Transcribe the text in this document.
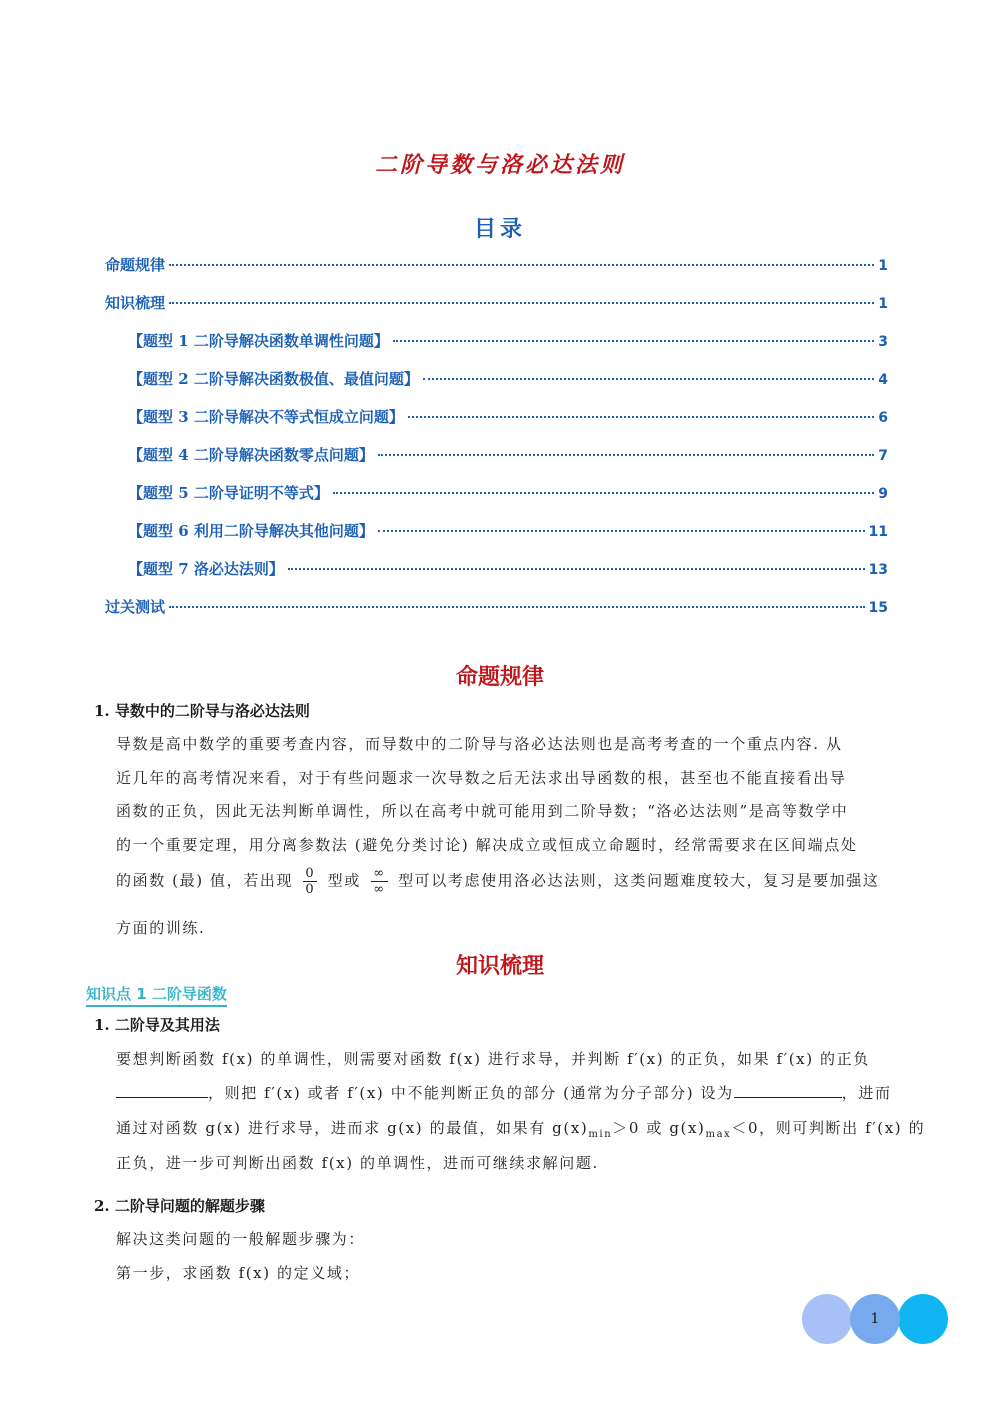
二阶导数与洛必达法则
目录
命题规律	1
知识梳理	1
【题型 1 二阶导解决函数单调性问题】	3
【题型 2 二阶导解决函数极值、最值问题】	4
【题型 3 二阶导解决不等式恒成立问题】	6
【题型 4 二阶导解决函数零点问题】	7
【题型 5 二阶导证明不等式】	9
【题型 6 利用二阶导解决其他问题】	11
【题型 7 洛必达法则】	13
过关测试	15
命题规律
1. 导数中的二阶导与洛必达法则
导数是高中数学的重要考查内容，而导数中的二阶导与洛必达法则也是高考考查的一个重点内容. 从
近几年的高考情况来看，对于有些问题求一次导数之后无法求出导函数的根，甚至也不能直接看出导
函数的正负，因此无法判断单调性，所以在高考中就可能用到二阶导数；“洛必达法则”是高等数学中
的一个重要定理，用分离参数法 (避免分类讨论) 解决成立或恒成立命题时，经常需要求在区间端点处
的函数 (最) 值，若出现 $\frac{0}{0}$ 型或 $\frac{\infty}{\infty}$ 型可以考虑使用洛必达法则，这类问题难度较大，复习是要加强这
方面的训练.
知识梳理
知识点 1 二阶导函数
1. 二阶导及其用法
要想判断函数 f(x) 的单调性，则需要对函数 f(x) 进行求导，并判断 f′(x) 的正负，如果 f′(x) 的正负
，则把 f′(x) 或者 f′(x) 中不能判断正负的部分 (通常为分子部分) 设为	，进而
通过对函数 g(x) 进行求导，进而求 g(x) 的最值，如果有 $g(x)_{min}>0$ 或 $g(x)_{max}<0$，则可判断出 f′(x) 的
正负，进一步可判断出函数 f(x) 的单调性，进而可继续求解问题.
2. 二阶导问题的解题步骤
解决这类问题的一般解题步骤为：
第一步，求函数 f(x) 的定义域；
1
